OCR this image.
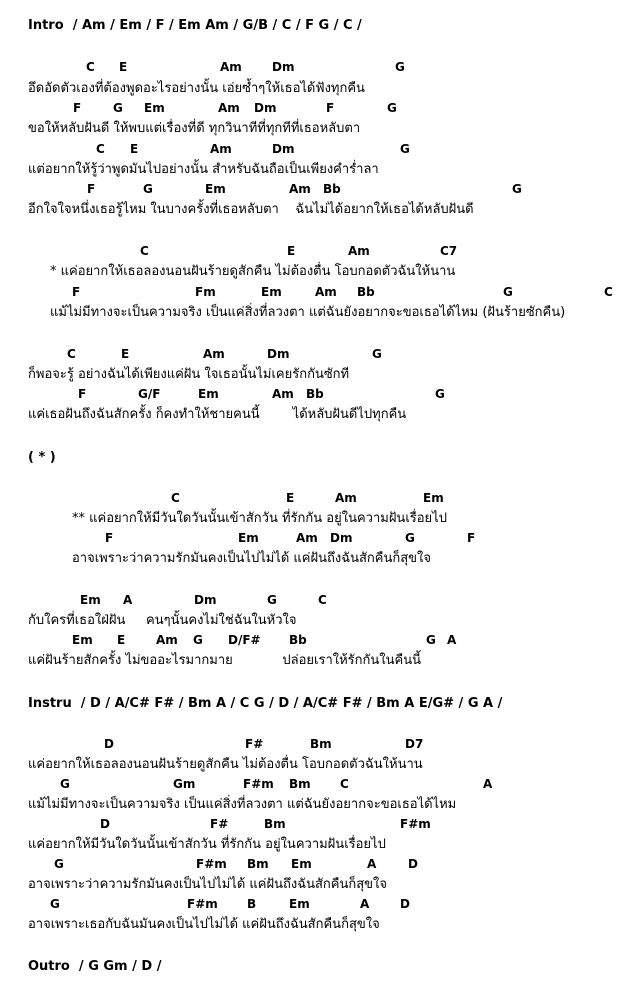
Intro  / Am / Em / F / Em Am / G/B / C / F G / C /
C E	Am	Dm	G
อึดอัดตัวเองที่ต้องพูดอะไรอย่างนั้น เอ่ยซ้ำๆให้เธอได้ฟังทุกคืน
F	G Em	Am Dm	F	G
ขอให้หลับฝันดี ให้พบแต่เรื่องที่ดี ทุกวินาทีที่ทุกทีที่เธอหลับตา
C E	Am	Dm	G
แต่อยากให้รู้ว่าพูดมันไปอย่างนั้น สำหรับฉันถือเป็นเพียงคำร่ำลา
F	G	Em	Am Bb	G
อีกใจใจหนึ่งเธอรู้ไหม ในบางครั้งที่เธอหลับตา    ฉันไม่ได้อยากให้เธอได้หลับฝันดี
C	E	Am	C7
* แค่อยากให้เธอลองนอนฝันร้ายดูสักคืน ไม่ต้องตื่น โอบกอดตัวฉันให้นาน
F	Fm	Em	Am Bb	G	C
แม้ไม่มีทางจะเป็นความจริง เป็นแค่สิ่งที่ลวงตา แต่ฉันยังอยากจะขอเธอได้ไหม (ฝันร้ายซักคืน)
C	E	Am	Dm	G
ก็พอจะรู้ อย่างฉันได้เพียงแค่ฝัน ใจเธอนั้นไม่เคยรักกันซักที
F	G/F	Em	Am Bb	G
แค่เธอฝันถึงฉันสักครั้ง ก็คงทำให้ชายคนนี้        ได้หลับฝันดีไปทุกคืน
( * )
C	E	Am	Em
** แค่อยากให้มีวันใดวันนั้นเข้าสักวัน ที่รักกัน อยู่ในความฝันเรื่อยไป
F	Em	Am Dm	G	F
อาจเพราะว่าความรักมันคงเป็นไปไม่ได้ แค่ฝันถึงฉันสักคืนก็สุขใจ
Em A	Dm	G	C
กับใครที่เธอใฝ่ฝัน     คนๆนั้นคงไม่ใช่ฉันในหัวใจ
Em E	Am G D/F# Bb	G A
แค่ฝันร้ายสักครั้ง ไม่ขออะไรมากมาย            ปล่อยเราให้รักกันในคืนนี้
Instru  / D / A/C# F# / Bm A / C G / D / A/C# F# / Bm A E/G# / G A /
D	F#	Bm	D7
แค่อยากให้เธอลองนอนฝันร้ายดูสักคืน ไม่ต้องตื่น โอบกอดตัวฉันให้นาน
G	Gm	F#m Bm C	A
แม้ไม่มีทางจะเป็นความจริง เป็นแค่สิ่งที่ลวงตา แต่ฉันยังอยากจะขอเธอได้ไหม
D	F#	Bm	F#m
แค่อยากให้มีวันใดวันนั้นเข้าสักวัน ที่รักกัน อยู่ในความฝันเรื่อยไป
G	F#m Bm Em	A	D
อาจเพราะว่าความรักมันคงเป็นไปไม่ได้ แค่ฝันถึงฉันสักคืนก็สุขใจ
G	F#m B	Em	A	D
อาจเพราะเธอกับฉันมันคงเป็นไปไม่ได้ แค่ฝันถึงฉันสักคืนก็สุขใจ
Outro  / G Gm / D /
